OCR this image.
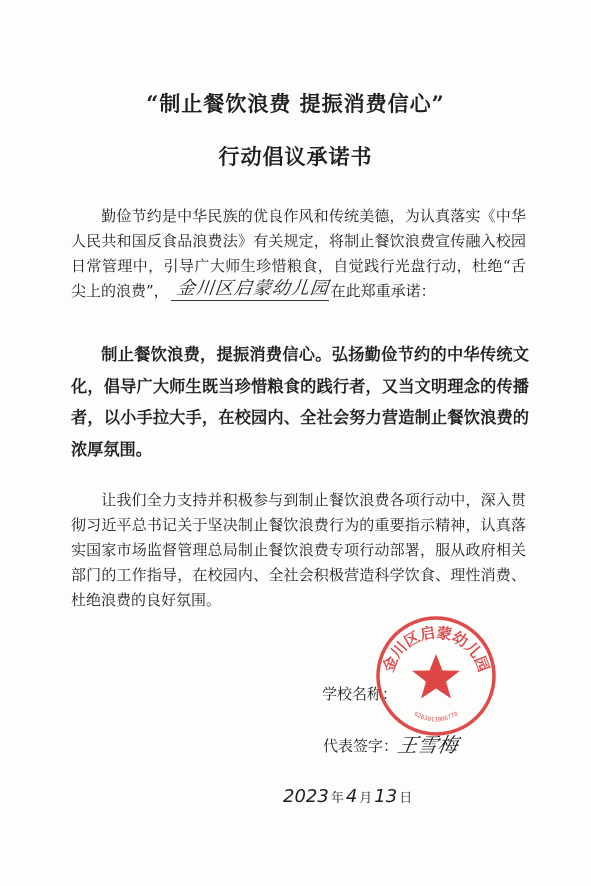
“制止餐饮浪费 提振消费信心”
行动倡议承诺书
勤俭节约是中华民族的优良作风和传统美德，为认真落实《中华人民共和国反食品浪费法》有关规定，将制止餐饮浪费宣传融入校园日常管理中，引导广大师生珍惜粮食，自觉践行光盘行动，杜绝“舌尖上的浪费”， 金川区启蒙幼儿园 在此郑重承诺：
制止餐饮浪费，提振消费信心。弘扬勤俭节约的中华传统文化，倡导广大师生既当珍惜粮食的践行者，又当文明理念的传播者，以小手拉大手，在校园内、全社会努力营造制止餐饮浪费的浓厚氛围。
让我们全力支持并积极参与到制止餐饮浪费各项行动中，深入贯彻习近平总书记关于坚决制止餐饮浪费行为的重要指示精神，认真落实国家市场监督管理总局制止餐饮浪费专项行动部署，服从政府相关部门的工作指导，在校园内、全社会积极营造科学饮食、理性消费、杜绝浪费的良好氛围。
学校名称：
代表签字：
王雪梅
2023 年 4 月 13 日
金川区启蒙幼儿园
6203011006770
